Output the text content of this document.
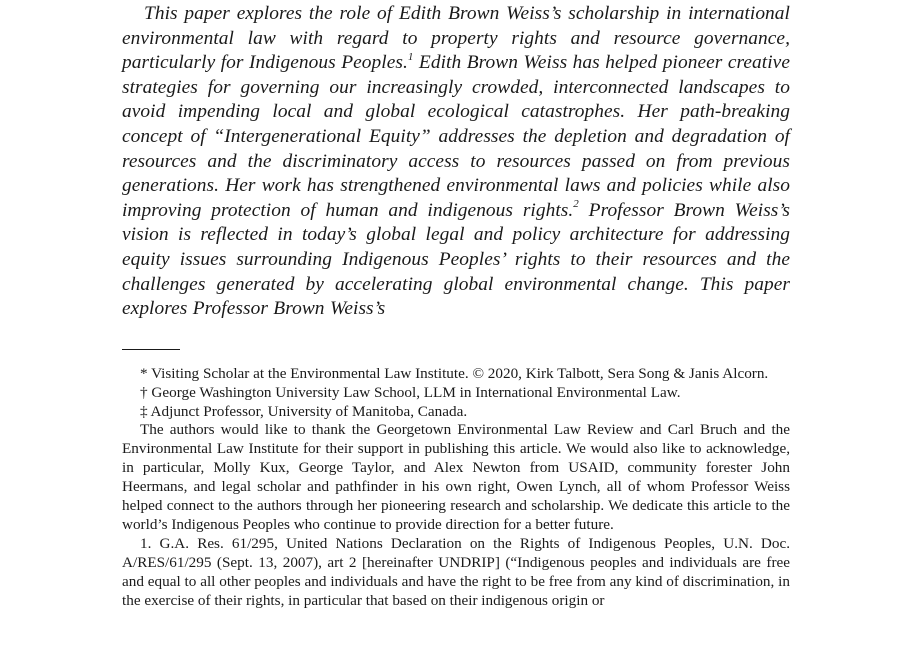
This paper explores the role of Edith Brown Weiss’s scholarship in international environmental law with regard to property rights and resource governance, particularly for Indigenous Peoples.$^1$ Edith Brown Weiss has helped pioneer creative strategies for governing our increasingly crowded, interconnected landscapes to avoid impending local and global ecological catastrophes. Her path-breaking concept of “Intergenerational Equity” addresses the depletion and degradation of resources and the discriminatory access to resources passed on from previous generations. Her work has strengthened environmental laws and policies while also improving protection of human and indigenous rights.$^2$ Professor Brown Weiss’s vision is reflected in today’s global legal and policy architecture for addressing equity issues surrounding Indigenous Peoples’ rights to their resources and the challenges generated by accelerating global environmental change. This paper explores Professor Brown Weiss’s

* Visiting Scholar at the Environmental Law Institute. © 2020, Kirk Talbott, Sera Song & Janis Alcorn.

† George Washington University Law School, LLM in International Environmental Law.

‡ Adjunct Professor, University of Manitoba, Canada.

The authors would like to thank the Georgetown Environmental Law Review and Carl Bruch and the Environmental Law Institute for their support in publishing this article. We would also like to acknowledge, in particular, Molly Kux, George Taylor, and Alex Newton from USAID, community forester John Heermans, and legal scholar and pathfinder in his own right, Owen Lynch, all of whom Professor Weiss helped connect to the authors through her pioneering research and scholarship. We dedicate this article to the world’s Indigenous Peoples who continue to provide direction for a better future.

1. G.A. Res. 61/295, United Nations Declaration on the Rights of Indigenous Peoples, U.N. Doc. A/RES/61/295 (Sept. 13, 2007), art 2 [hereinafter UNDRIP] (“Indigenous peoples and individuals are free and equal to all other peoples and individuals and have the right to be free from any kind of discrimination, in the exercise of their rights, in particular that based on their indigenous origin or
